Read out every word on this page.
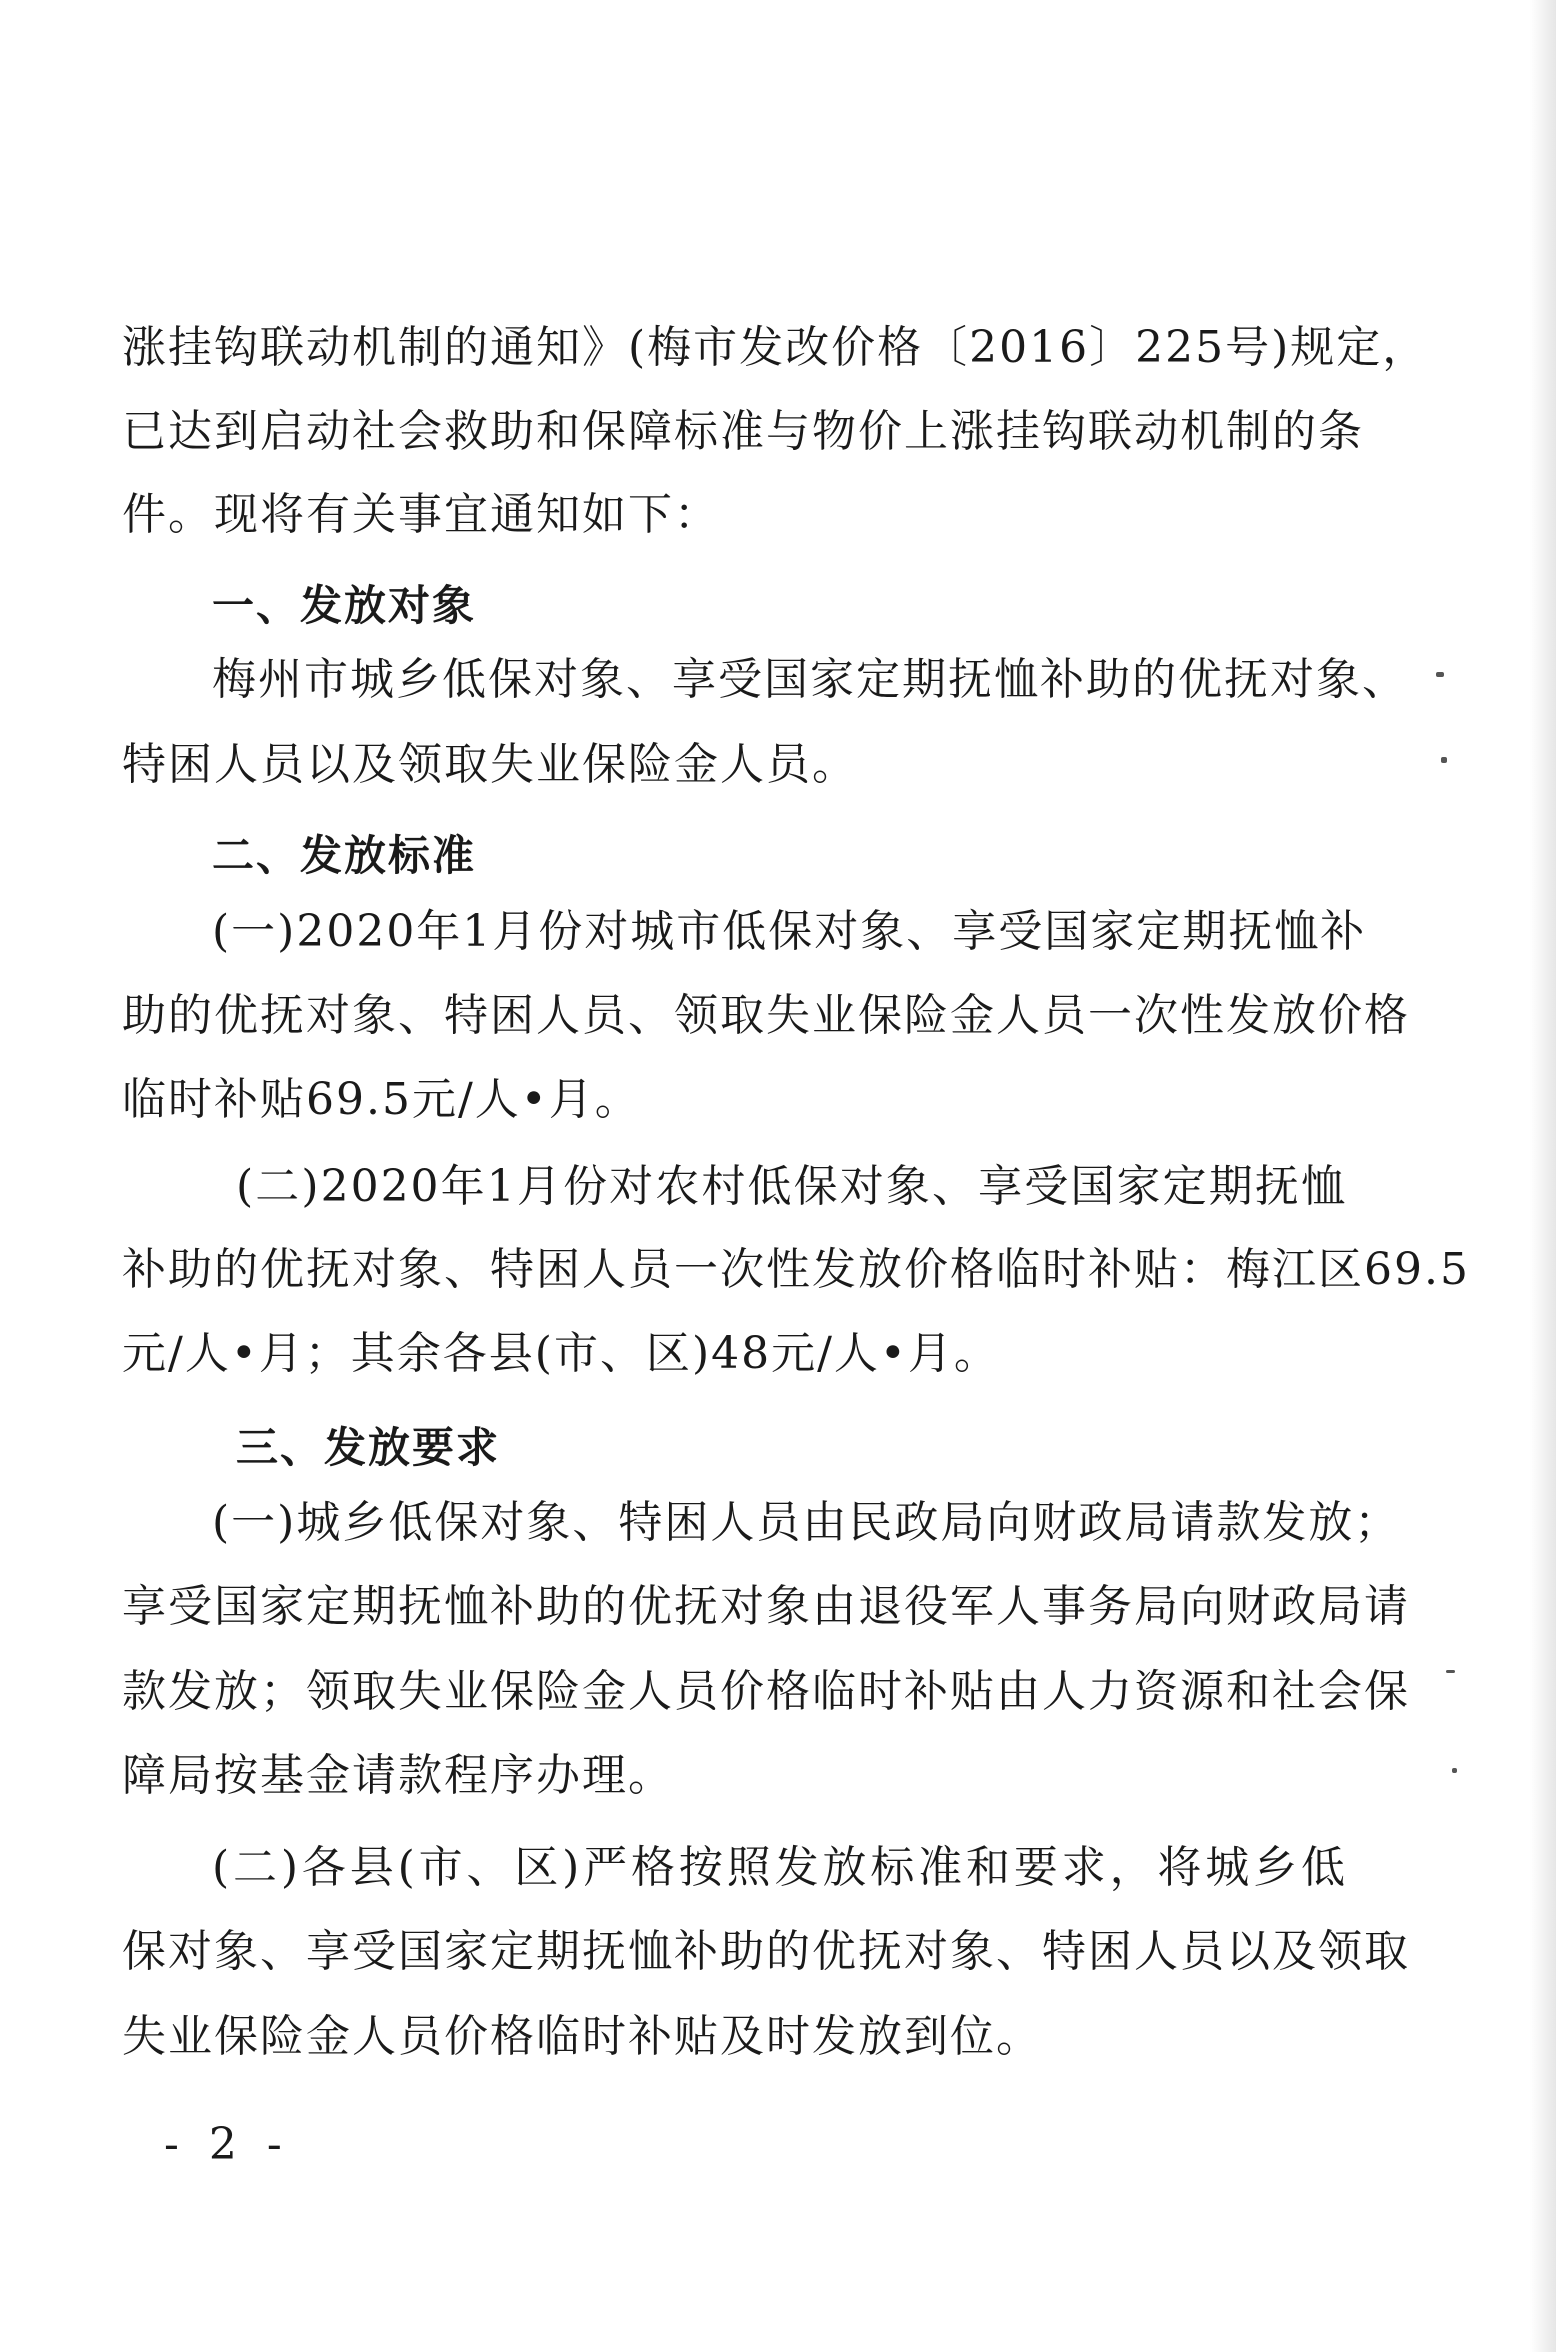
涨挂钩联动机制的通知》(梅市发改价格〔2016〕225号)规定，
已达到启动社会救助和保障标准与物价上涨挂钩联动机制的条
件。现将有关事宜通知如下：
一、发放对象
梅州市城乡低保对象、享受国家定期抚恤补助的优抚对象、
特困人员以及领取失业保险金人员。
二、发放标准
(一)2020年1月份对城市低保对象、享受国家定期抚恤补
助的优抚对象、特困人员、领取失业保险金人员一次性发放价格
临时补贴69.5元/人•月。
(二)2020年1月份对农村低保对象、享受国家定期抚恤
补助的优抚对象、特困人员一次性发放价格临时补贴：梅江区69.5
元/人•月；其余各县(市、区)48元/人•月。
三、发放要求
(一)城乡低保对象、特困人员由民政局向财政局请款发放；
享受国家定期抚恤补助的优抚对象由退役军人事务局向财政局请
款发放；领取失业保险金人员价格临时补贴由人力资源和社会保
障局按基金请款程序办理。
(二)各县(市、区)严格按照发放标准和要求，将城乡低
保对象、享受国家定期抚恤补助的优抚对象、特困人员以及领取
失业保险金人员价格临时补贴及时发放到位。
- 2 -
